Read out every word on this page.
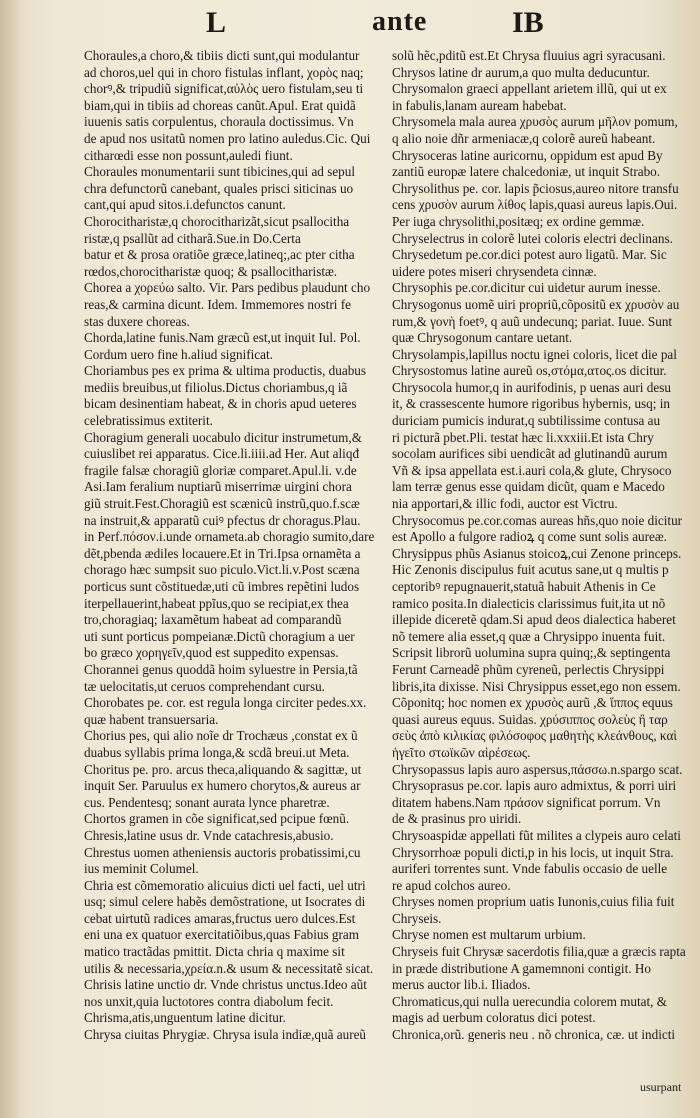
L	ante	IB
Choraules,a choro,& tibiis dicti sunt,qui modulantur
ad choros,uel qui in choro fistulas inflant, χορὸς naq;
chorꝰ,& tripudiũ significat,αὐλὸς uero fistulam,seu ti
biam,qui in tibiis ad choreas canũt.Apul. Erat quidã
iuuenis satis corpulentus, choraula doctissimus. Vn
de apud nos usitatũ nomen pro latino auledus.Cic. Qui
citharœdi esse non possunt,auledi fiunt.
Choraules monumentarii sunt tibicines,qui ad sepul
chra defunctorũ canebant, quales prisci siticinas uo
cant,qui apud sitos.i.defunctos canunt.
Chorocitharistæ,q chorocitharizãt,sicut psallocitha
ristæ,q psallũt ad citharã.Sue.in Do.Certa
batur et & prosa oratiõe græce,latineq;,ac pter citha
rœdos,chorocitharistæ quoq; & psallocitharistæ.
Chorea a χορεύω salto. Vir. Pars pedibus plaudunt cho
reas,& carmina dicunt. Idem. Immemores nostri fe
stas duxere choreas.
Chorda,latine funis.Nam græcũ est,ut inquit Iul. Pol.
Cordum uero fine h.aliud significat.
Choriambus pes ex prima & ultima productis, duabus
mediis breuibus,ut filiolus.Dictus choriambus,q iã
bicam desinentiam habeat, & in choris apud ueteres
celebratissimus extiterit.
Choragium generali uocabulo dicitur instrumetum,&
cuiuslibet rei apparatus. Cice.li.iiii.ad Her. Aut aliqđ
fragile falsæ choragiũ gloriæ comparet.Apul.li. v.de
Asi.Iam feralium nuptiarũ miserrimæ uirgini chora
giũ struit.Fest.Choragiũ est scænicũ instrũ,quo.f.scæ
na instruit,& apparatũ cuiꝰ pfectus dr choragus.Plau.
in Perf.πόσον.i.unde ornameta.ab choragio sumito,dare
dẽt,pbenda ædiles locauere.Et in Tri.Ipsa ornamẽta a
chorago hæc sumpsit suo piculo.Vict.li.v.Post scæna
porticus sunt cõstituedæ,uti cũ imbres repẽtini ludos
iterpellauerint,habeat ppĩus,quo se recipiat,ex thea
tro,choragiaq; laxamẽtum habeat ad comparandũ
uti sunt porticus pompeianæ.Dictũ choragium a uer
bo græco χορηγεῖν,quod est suppedito expensas.
Chorannei genus quoddã hoim syluestre in Persia,tã
tæ uelocitatis,ut ceruos comprehendant cursu.
Chorobates pe. cor. est regula longa circiter pedes.xx.
quæ habent transuersaria.
Chorius pes, qui alio noĩe dr Trochæus ,constat ex ũ
duabus syllabis prima longa,& scdã breui.ut Meta.
Choritus pe. pro. arcus theca,aliquando & sagittæ, ut
inquit Ser. Paruulus ex humero chorytos,& aureus ar
cus. Pendentesq; sonant aurata lynce pharetræ.
Chortos gramen in cõe significat,sed pcipue fœnũ.
Chresis,latine usus dr. Vnde catachresis,abusio.
Chrestus uomen atheniensis auctoris probatissimi,cu
ius meminit Columel.
Chria est cõmemoratio alicuius dicti uel facti, uel utri
usq; simul celere habẽs demõstratione, ut Isocrates di
cebat uirtutũ radices amaras,fructus uero dulces.Est
eni una ex quatuor exercitatiõibus,quas Fabius gram
matico tractãdas pmittit. Dicta chria q maxime sit
utilis & necessaria,χρεία.n.& usum & necessitatẽ sicat.
Chrisis latine unctio dr. Vnde christus unctus.Ideo aũt
nos unxit,quia luctotores contra diabolum fecit.
Chrisma,atis,unguentum latine dicitur.
Chrysa ciuitas Phrygiæ. Chrysa isula indiæ,quã aureũ
solũ hẽc,pditũ est.Et Chrysa fluuius agri syracusani.
Chrysos latine dr aurum,a quo multa deducuntur.
Chrysomalon graeci appellant arietem illũ, qui ut ex
in fabulis,lanam auream habebat.
Chrysomela mala aurea χρυσὸς aurum μῆλον pomum,
q alio noie dñr armeniacæ,q colorẽ aureũ habeant.
Chrysoceras latine auricornu, oppidum est apud By
zantiũ europæ latere chalcedoniæ, ut inquit Strabo.
Chrysolithus pe. cor. lapis p̃ciosus,aureo nitore transfu
cens χρυσὸν aurum λίθος lapis,quasi aureus lapis.Oui.
Per iuga chrysolithi,positæq; ex ordine gemmæ.
Chryselectrus in colorẽ lutei coloris electri declinans.
Chrysedetum pe.cor.dici potest auro ligatũ. Mar. Sic
uidere potes miseri chrysendeta cinnæ.
Chrysophis pe.cor.dicitur cui uidetur aurum inesse.
Chrysogonus uomẽ uiri propriũ,cõpositũ ex χρυσὸν au
rum,& γονὴ foetꝰ, q auũ undecunq; pariat. Iuue. Sunt
quæ Chrysogonum cantare uetant.
Chrysolampis,lapillus noctu ignei coloris, licet die pal
Chrysostomus latine aureũ os,στόμα,ατος.os dicitur.
Chrysocola humor,q in aurifodinis, p uenas auri desu
it, & crassescente humore rigoribus hybernis, usq; in
duriciam pumicis indurat,q subtilissime contusa au
ri picturã pbet.Pli. testat hæc li.xxxiii.Et ista Chry
socolam aurifices sibi uendicãt ad glutinandũ aurum
Vñ & ipsa appellata est.i.auri cola,& glute, Chrysoco
lam terræ genus esse quidam dicũt, quam e Macedo
nia apportari,& illic fodi, auctor est Victru.
Chrysocomus pe.cor.comas aureas hñs,quo noie dicitur
est Apollo a fulgore radioꝝ q come sunt solis aureæ.
Chrysippus phũs Asianus stoicoꝝ,cui Zenone princeps.
Hic Zenonis discipulus fuit acutus sane,ut q multis p
ceptoribꝰ repugnauerit,statuã habuit Athenis in Ce
ramico posita.In dialecticis clarissimus fuit,ita ut nõ
illepide diceretẽ qdam.Si apud deos dialectica haberet
nõ temere alia esset,q quæ a Chrysippo inuenta fuit.
Scripsit librorũ uolumina supra quinq;,& septingenta
Ferunt Carneadẽ phũm cyreneũ, perlectis Chrysippi
libris,ita dixisse. Nisi Chrysippus esset,ego non essem.
Cõponitq; hoc nomen ex χρυσὸς aurũ ,& ἵππος equus
quasi aureus equus. Suidas. χρύσιππος σολεὺς ἢ ταρ
σεὺς ἀπὸ κιλικίας φιλόσοφος μαθητὴς κλεάνθους, καὶ
ἡγεῖτο στωϊκῶν αἱρέσεως.
Chrysopassus lapis auro aspersus,πάσσω.n.spargo scat.
Chrysoprasus pe.cor. lapis auro admixtus, & porri uiri
ditatem habens.Nam πράσον significat porrum. Vn
de & prasinus pro uiridi.
Chrysoaspidæ appellati fũt milites a clypeis auro celati
Chrysorrhoæ populi dicti,p in his locis, ut inquit Stra.
auriferi torrentes sunt. Vnde fabulis occasio de uelle
re apud colchos aureo.
Chryses nomen proprium uatis Iunonis,cuius filia fuit
Chryseis.
Chryse nomen est multarum urbium.
Chryseis fuit Chrysæ sacerdotis filia,quæ a græcis rapta
in præde distributione A gamemnoni contigit. Ho
merus auctor lib.i. Iliados.
Chromaticus,qui nulla uerecundia colorem mutat, &
magis ad uerbum coloratus dici potest.
Chronica,orũ. generis neu . nõ chronica, cæ. ut indicti
usurpant
